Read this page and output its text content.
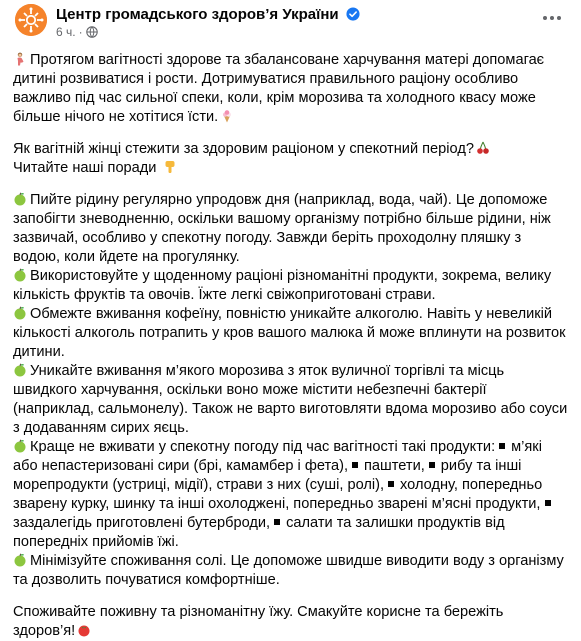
Центр громадського здоров’я України
6 ч. ·

Протягом вагітності здорове та збалансоване харчування матері допомагає дитині розвиватися і рости. Дотримуватися правильного раціону особливо важливо під час сильної спеки, коли, крім морозива та холодного квасу може більше нічого не хотітися їсти.

Як вагітній жінці стежити за здоровим раціоном у спекотний період?
Читайте наші поради

Пийте рідину регулярно упродовж дня (наприклад, вода, чай). Це допоможе запобігти зневодненню, оскільки вашому організму потрібно більше рідини, ніж зазвичай, особливо у спекотну погоду. Завжди беріть проходолну пляшку з водою, коли йдете на прогулянку.

Використовуйте у щоденному раціоні різноманітні продукти, зокрема, велику кількість фруктів та овочів. Їжте легкі свіжоприготовані страви.

Обмежте вживання кофеїну, повністю уникайте алкоголю. Навіть у невеликій кількості алкоголь потрапить у кров вашого малюка й може вплинути на розвиток дитини.

Уникайте вживання м’якого морозива з яток вуличної торгівлі та місць швидкого харчування, оскільки воно може містити небезпечні бактерії (наприклад, сальмонелу). Також не варто виготовляти вдома морозиво або соуси з додаванням сирих яєць.

Краще не вживати у спекотну погоду під час вагітності такі продукти: м’які або непастеризовані сири (брі, камамбер і фета), паштети, рибу та інші морепродукти (устриці, мідії), страви з них (суші, ролі), холодну, попередньо зварену курку, шинку та інші охолоджені, попередньо зварені м’ясні продукти,заздалегідь приготовлені бутерброди, салати та залишки продуктів від попередніх прийомів їжі.

Мінімізуйте споживання солі. Це допоможе швидше виводити воду з організму та дозволить почуватися комфортніше.

Споживайте поживну та різноманітну їжу. Смакуйте корисне та бережіть здоров’я!
